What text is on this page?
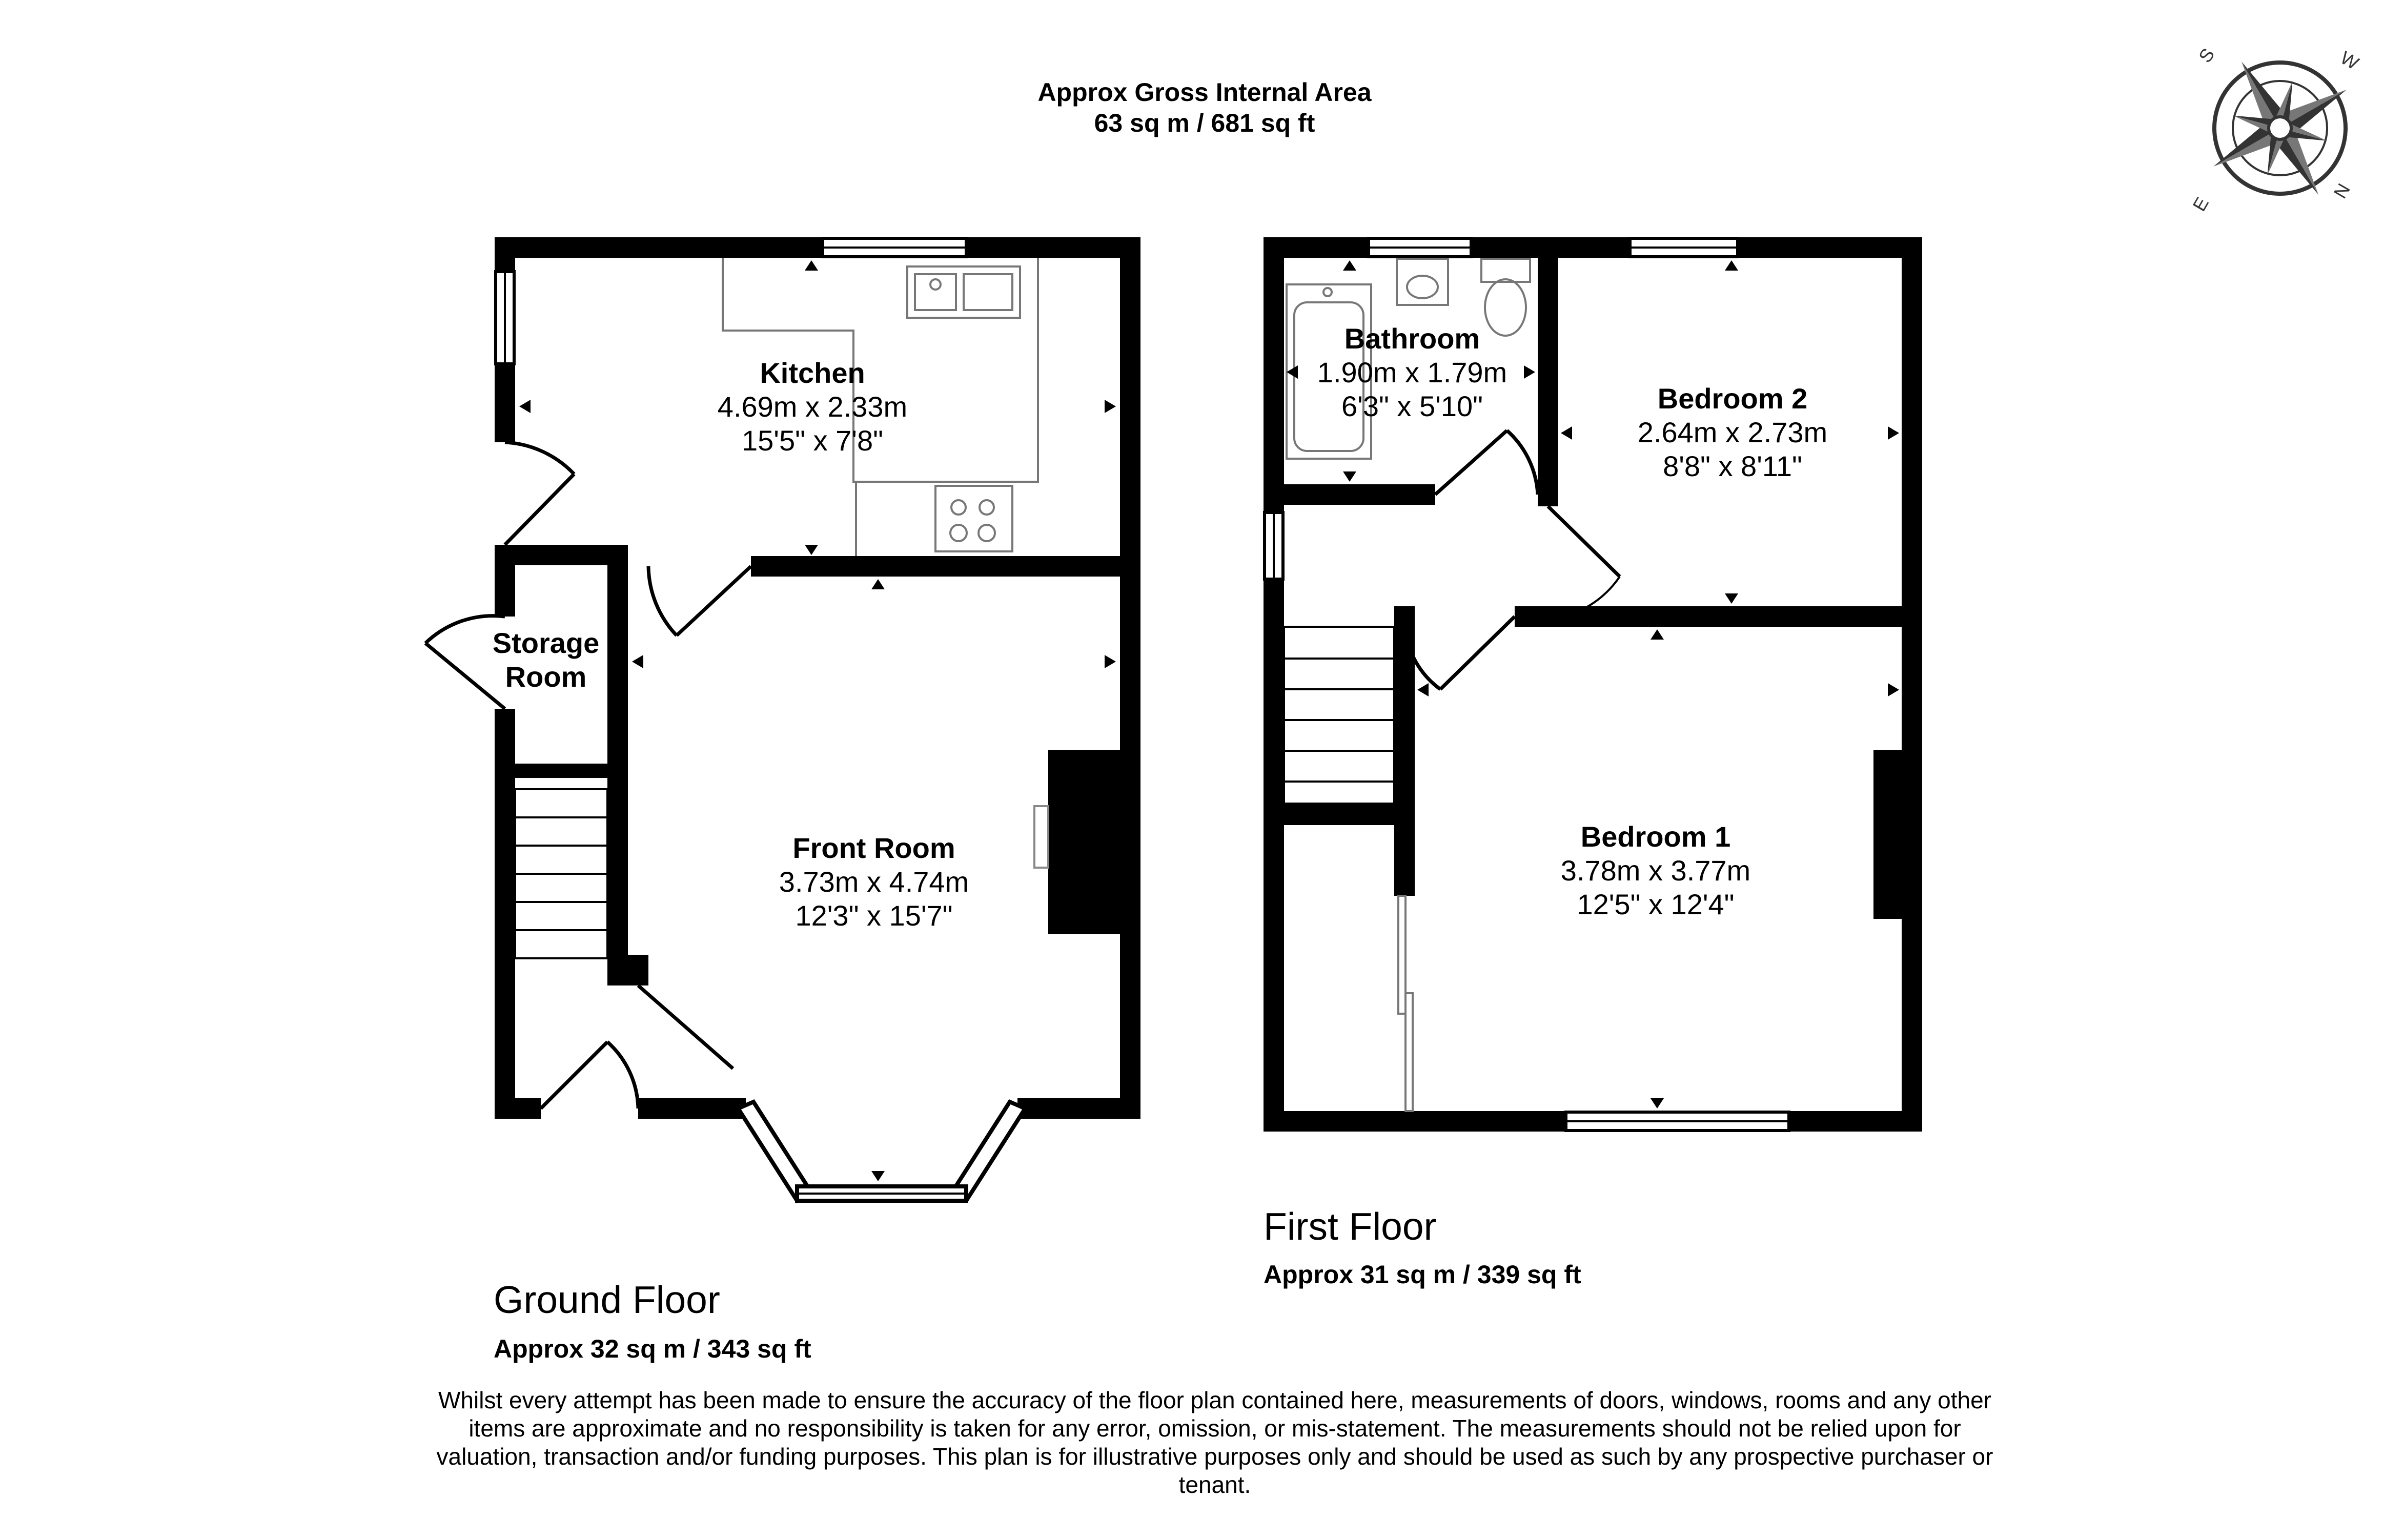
S	W
N
E
Approx Gross Internal Area
63 sq m / 681 sq ft
Kitchen
4.69m x 2.33m
15'5" x 7'8"
Storage
Room
Front Room
3.73m x 4.74m
12'3" x 15'7"
Bathroom
1.90m x 1.79m
6'3" x 5'10"	Bedroom 2
2.64m x 2.73m
8'8" x 8'11"
Bedroom 1
3.78m x 3.77m
12'5" x 12'4"
Ground Floor
Approx 32 sq m / 343 sq ft
First Floor
Approx 31 sq m / 339 sq ft
Whilst every attempt has been made to ensure the accuracy of the floor plan contained here, measurements of doors, windows, rooms and any other items are approximate and no responsibility is taken for any error, omission, or mis-statement. The measurements should not be relied upon for valuation, transaction and/or funding purposes. This plan is for illustrative purposes only and should be used as such by any prospective purchaser or tenant.
